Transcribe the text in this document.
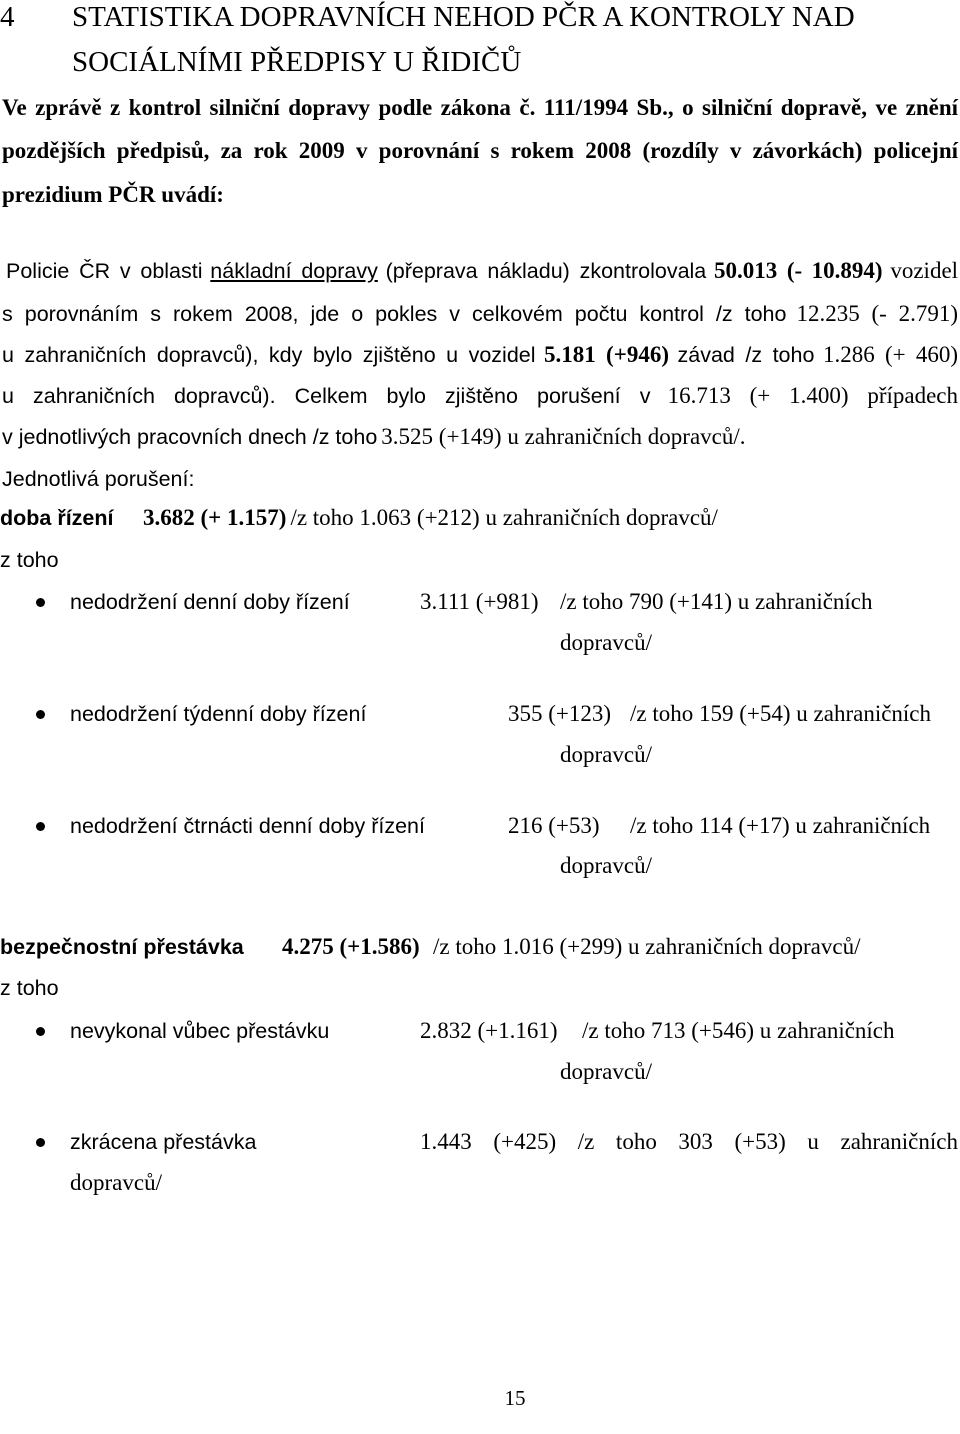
4 STATISTIKA DOPRAVNÍCH NEHOD PČR A KONTROLY NAD
SOCIÁLNÍMI PŘEDPISY U ŘIDIČŮ
Ve zprávě z kontrol silniční dopravy podle zákona č. 111/1994 Sb., o silniční dopravě, ve znění
pozdějších předpisů, za rok 2009 v porovnání s rokem 2008 (rozdíly v závorkách) policejní
prezidium PČR uvádí:
Policie ČR v oblasti nákladní dopravy (přeprava nákladu) zkontrolovala 50.013 (- 10.894) vozidel
s porovnáním s rokem 2008, jde o pokles v celkovém počtu kontrol /z toho 12.235 (- 2.791)
u zahraničních dopravců), kdy bylo zjištěno u vozidel 5.181 (+946) závad /z toho 1.286 (+ 460)
u zahraničních dopravců). Celkem bylo zjištěno porušení v 16.713 (+ 1.400) případech
v jednotlivých pracovních dnech /z toho 3.525 (+149) u zahraničních dopravců/.
Jednotlivá porušení:
doba řízení 3.682 (+ 1.157) /z toho 1.063 (+212) u zahraničních dopravců/
z toho
nedodržení denní doby řízení	3.111 (+981) /z toho 790 (+141) u zahraničních
dopravců/
nedodržení týdenní doby řízení	355 (+123) /z toho 159 (+54) u zahraničních
dopravců/
nedodržení čtrnácti denní doby řízení	216 (+53) /z toho 114 (+17) u zahraničních
dopravců/
bezpečnostní přestávka 4.275 (+1.586) /z toho 1.016 (+299) u zahraničních dopravců/
z toho
nevykonal vůbec přestávku	2.832 (+1.161) /z toho 713 (+546) u zahraničních
dopravců/
zkrácena přestávka	1.443 (+425) /z toho 303 (+53) u zahraničních
dopravců/
15
